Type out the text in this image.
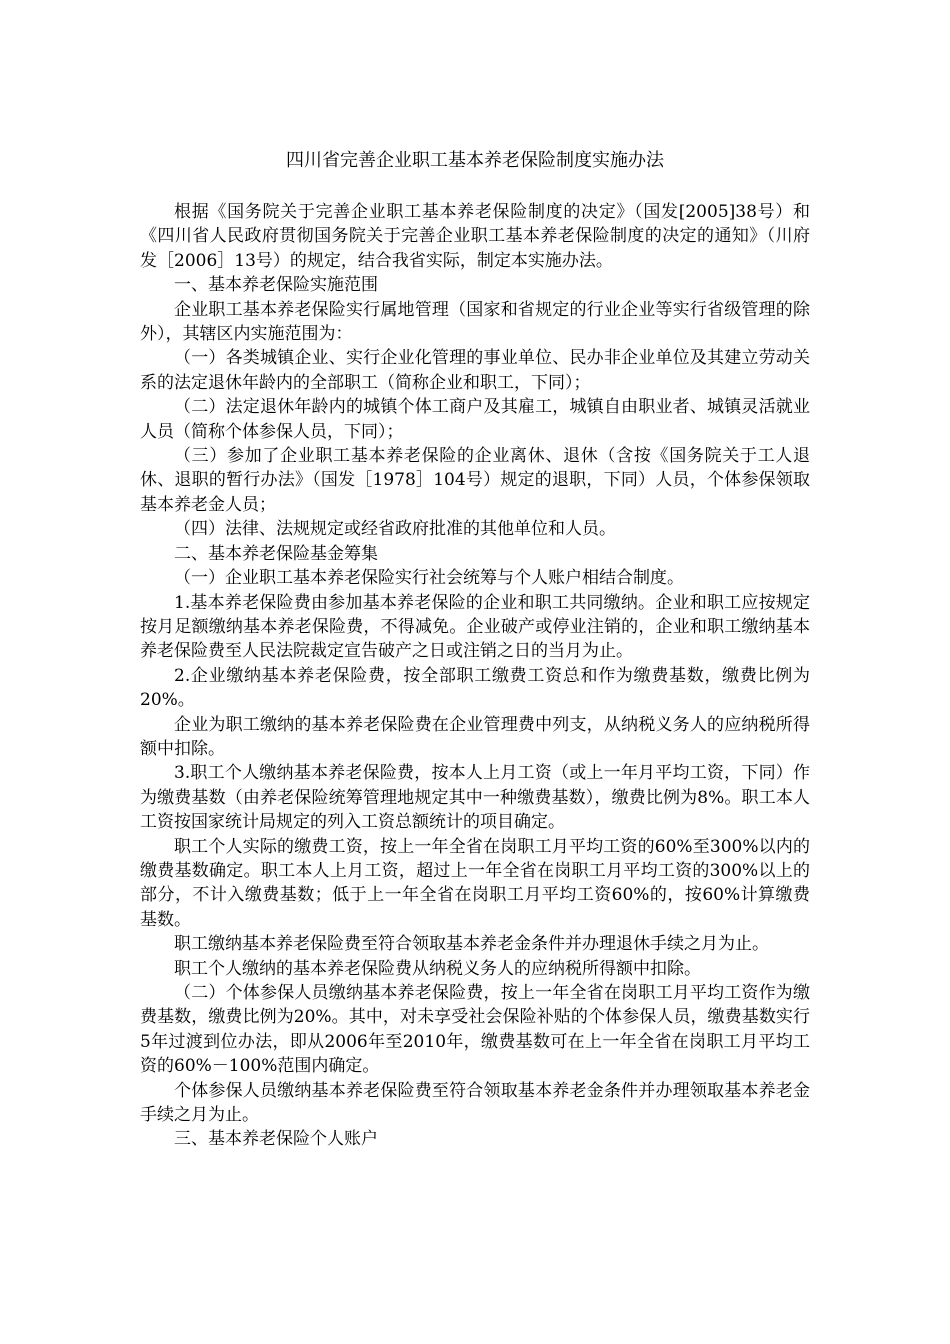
四川省完善企业职工基本养老保险制度实施办法

根据《国务院关于完善企业职工基本养老保险制度的决定》（国发[2005]38号）和《四川省人民政府贯彻国务院关于完善企业职工基本养老保险制度的决定的通知》（川府发［2006］13号）的规定，结合我省实际，制定本实施办法。

一、基本养老保险实施范围

企业职工基本养老保险实行属地管理（国家和省规定的行业企业等实行省级管理的除外），其辖区内实施范围为：

（一）各类城镇企业、实行企业化管理的事业单位、民办非企业单位及其建立劳动关系的法定退休年龄内的全部职工（简称企业和职工，下同）；

（二）法定退休年龄内的城镇个体工商户及其雇工，城镇自由职业者、城镇灵活就业人员（简称个体参保人员，下同）；

（三）参加了企业职工基本养老保险的企业离休、退休（含按《国务院关于工人退休、退职的暂行办法》（国发［1978］104号）规定的退职，下同）人员，个体参保领取基本养老金人员；

（四）法律、法规规定或经省政府批准的其他单位和人员。

二、基本养老保险基金筹集

（一）企业职工基本养老保险实行社会统筹与个人账户相结合制度。

1.基本养老保险费由参加基本养老保险的企业和职工共同缴纳。企业和职工应按规定按月足额缴纳基本养老保险费，不得减免。企业破产或停业注销的，企业和职工缴纳基本养老保险费至人民法院裁定宣告破产之日或注销之日的当月为止。

2.企业缴纳基本养老保险费，按全部职工缴费工资总和作为缴费基数，缴费比例为20%。

企业为职工缴纳的基本养老保险费在企业管理费中列支，从纳税义务人的应纳税所得额中扣除。

3.职工个人缴纳基本养老保险费，按本人上月工资（或上一年月平均工资，下同）作为缴费基数（由养老保险统筹管理地规定其中一种缴费基数），缴费比例为8%。职工本人工资按国家统计局规定的列入工资总额统计的项目确定。

职工个人实际的缴费工资，按上一年全省在岗职工月平均工资的60%至300%以内的缴费基数确定。职工本人上月工资，超过上一年全省在岗职工月平均工资的300%以上的部分，不计入缴费基数；低于上一年全省在岗职工月平均工资60%的，按60%计算缴费基数。

职工缴纳基本养老保险费至符合领取基本养老金条件并办理退休手续之月为止。

职工个人缴纳的基本养老保险费从纳税义务人的应纳税所得额中扣除。

（二）个体参保人员缴纳基本养老保险费，按上一年全省在岗职工月平均工资作为缴费基数，缴费比例为20%。其中，对未享受社会保险补贴的个体参保人员，缴费基数实行5年过渡到位办法，即从2006年至2010年，缴费基数可在上一年全省在岗职工月平均工资的60%－100%范围内确定。

个体参保人员缴纳基本养老保险费至符合领取基本养老金条件并办理领取基本养老金手续之月为止。

三、基本养老保险个人账户
